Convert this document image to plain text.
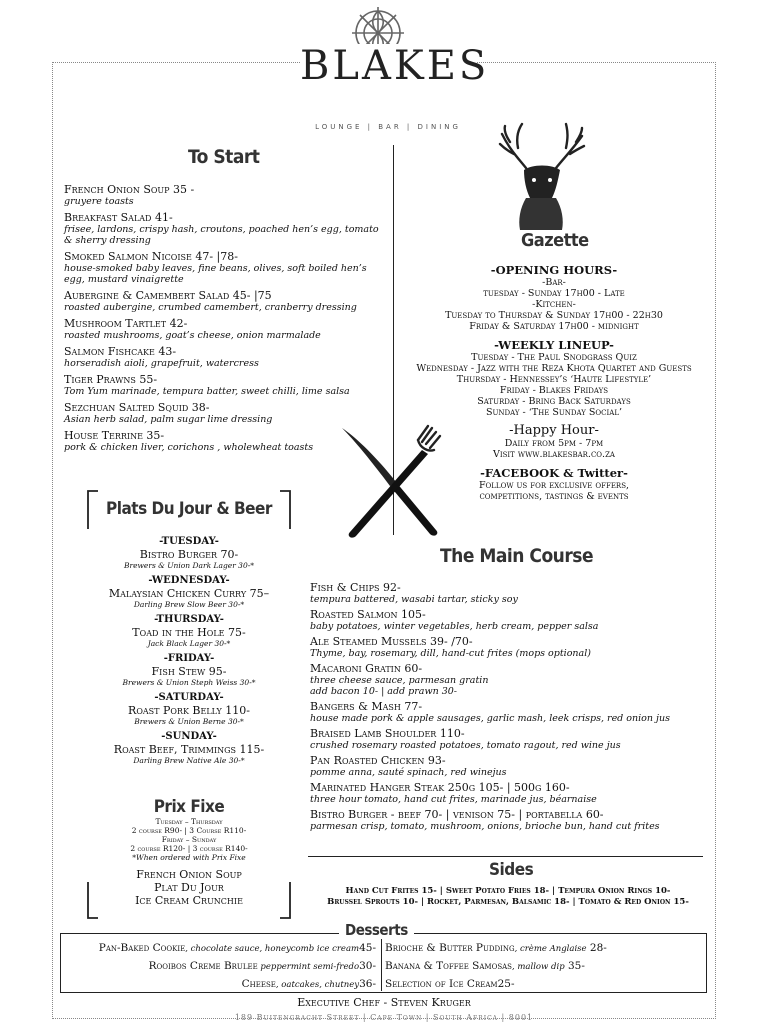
BLAKES
LOUNGE | BAR | DINING
To Start
French Onion Soup 35 -
gruyere toasts
Breakfast Salad 41-
frisee, lardons, crispy hash, croutons, poached hen’s egg, tomato & sherry dressing
Smoked Salmon Nicoise 47- |78-
house-smoked baby leaves, fine beans, olives, soft boiled hen’s egg, mustard vinaigrette
Aubergine & Camembert Salad 45- |75
roasted aubergine, crumbed camembert, cranberry dressing
Mushroom Tartlet 42-
roasted mushrooms, goat’s cheese, onion marmalade
Salmon Fishcake 43-
horseradish aioli, grapefruit, watercress
Tiger Prawns 55-
Tom Yum marinade, tempura batter, sweet chilli, lime salsa
Sezchuan Salted Squid 38-
Asian herb salad, palm sugar lime dressing
House Terrine 35-
pork & chicken liver, corichons , wholewheat toasts
Gazette
-OPENING HOURS-
-Bar-
tuesday - Sunday 17h00 - Late
-Kitchen-
Tuesday to Thursday & Sunday 17h00 - 22h30
Friday & Saturday 17h00 - midnight
-WEEKLY LINEUP-
Tuesday - The Paul Snodgrass Quiz
Wednesday - Jazz with the Reza Khota Quartet and Guests
Thursday - Hennessey’s ‘Haute Lifestyle’
Friday - Blakes Fridays
Saturday - Bring Back Saturdays
Sunday - ‘The Sunday Social’
-Happy Hour-
Daily from 5pm - 7pm
Visit www.blakesbar.co.za
-FACEBOOK & Twitter-
Follow us for exclusive offers,
competitions, tastings & events
Plats Du Jour & Beer
-TUESDAY-
Bistro Burger 70-
Brewers & Union Dark Lager 30-*
-WEDNESDAY-
Malaysian Chicken Curry 75–
Darling Brew Slow Beer 30-*
-THURSDAY-
Toad in the Hole 75-
Jack Black Lager 30-*
-FRIDAY-
Fish Stew 95-
Brewers & Union Steph Weiss 30-*
-SATURDAY-
Roast Pork Belly 110-
Brewers & Union Berne 30-*
-SUNDAY-
Roast Beef, Trimmings 115-
Darling Brew Native Ale 30-*
Prix Fixe
Tuesday – Thursday
2 course R90- | 3 Course R110-
Friday – Sunday
2 course R120- | 3 course R140-
*When ordered with Prix Fixe
French Onion Soup
Plat Du Jour
Ice Cream Crunchie
The Main Course
Fish & Chips 92-
tempura battered, wasabi tartar, sticky soy
Roasted Salmon 105-
baby potatoes, winter vegetables, herb cream, pepper salsa
Ale Steamed Mussels 39- /70-
Thyme, bay, rosemary, dill, hand-cut frites (mops optional)
Macaroni Gratin 60-
three cheese sauce, parmesan gratin
add bacon 10- | add prawn 30-
Bangers & Mash 77-
house made pork & apple sausages, garlic mash, leek crisps, red onion jus
Braised Lamb Shoulder 110-
crushed rosemary roasted potatoes, tomato ragout, red wine jus
Pan Roasted Chicken 93-
pomme anna, sauté spinach, red winejus
Marinated Hanger Steak 250g 105- | 500g 160-
three hour tomato, hand cut frites, marinade jus, béarnaise
Bistro Burger - beef 70- | venison 75- | portabella 60-
parmesan crisp, tomato, mushroom, onions, brioche bun, hand cut frites
Sides
Hand Cut Frites 15- | Sweet Potato Fries 18- | Tempura Onion Rings 10-
Brussel Sprouts 10- | Rocket, Parmesan, Balsamic 18- | Tomato & Red Onion 15-
Desserts
Pan-Baked Cookie, chocolate sauce, honeycomb ice cream45-
Rooibos Creme Brulee peppermint semi-fredo30-
Cheese, oatcakes, chutney36-
Brioche & Butter Pudding, crème Anglaise 28-
Banana & Toffee Samosas, mallow dip 35-
Selection of Ice Cream25-
Executive Chef - Steven Kruger
189 Buitengracht Street | Cape Town | South Africa | 8001
